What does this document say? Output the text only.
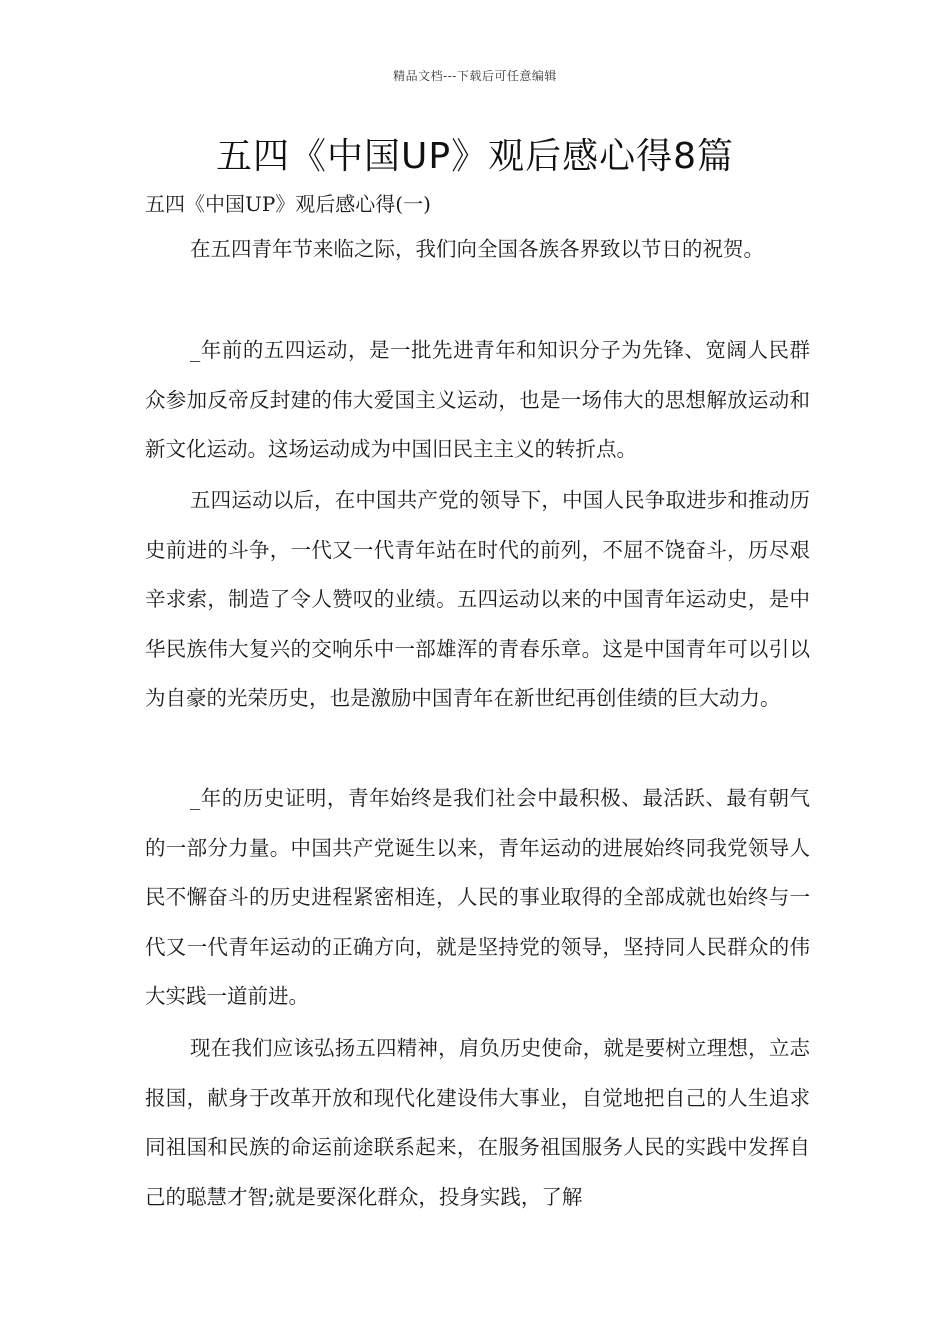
精品文档---下载后可任意编辑
五四《中国UP》观后感心得8篇
五四《中国UP》观后感心得(一)

在五四青年节来临之际，我们向全国各族各界致以节日的祝贺。

_年前的五四运动，是一批先进青年和知识分子为先锋、宽阔人民群众参加反帝反封建的伟大爱国主义运动，也是一场伟大的思想解放运动和新文化运动。这场运动成为中国旧民主主义的转折点。

五四运动以后，在中国共产党的领导下，中国人民争取进步和推动历史前进的斗争，一代又一代青年站在时代的前列，不屈不饶奋斗，历尽艰辛求索，制造了令人赞叹的业绩。五四运动以来的中国青年运动史，是中华民族伟大复兴的交响乐中一部雄浑的青春乐章。这是中国青年可以引以为自豪的光荣历史，也是激励中国青年在新世纪再创佳绩的巨大动力。

_年的历史证明，青年始终是我们社会中最积极、最活跃、最有朝气的一部分力量。中国共产党诞生以来，青年运动的进展始终同我党领导人民不懈奋斗的历史进程紧密相连，人民的事业取得的全部成就也始终与一代又一代青年运动的正确方向，就是坚持党的领导，坚持同人民群众的伟大实践一道前进。

现在我们应该弘扬五四精神，肩负历史使命，就是要树立理想，立志报国，献身于改革开放和现代化建设伟大事业，自觉地把自己的人生追求同祖国和民族的命运前途联系起来，在服务祖国服务人民的实践中发挥自己的聪慧才智;就是要深化群众，投身实践，了解
